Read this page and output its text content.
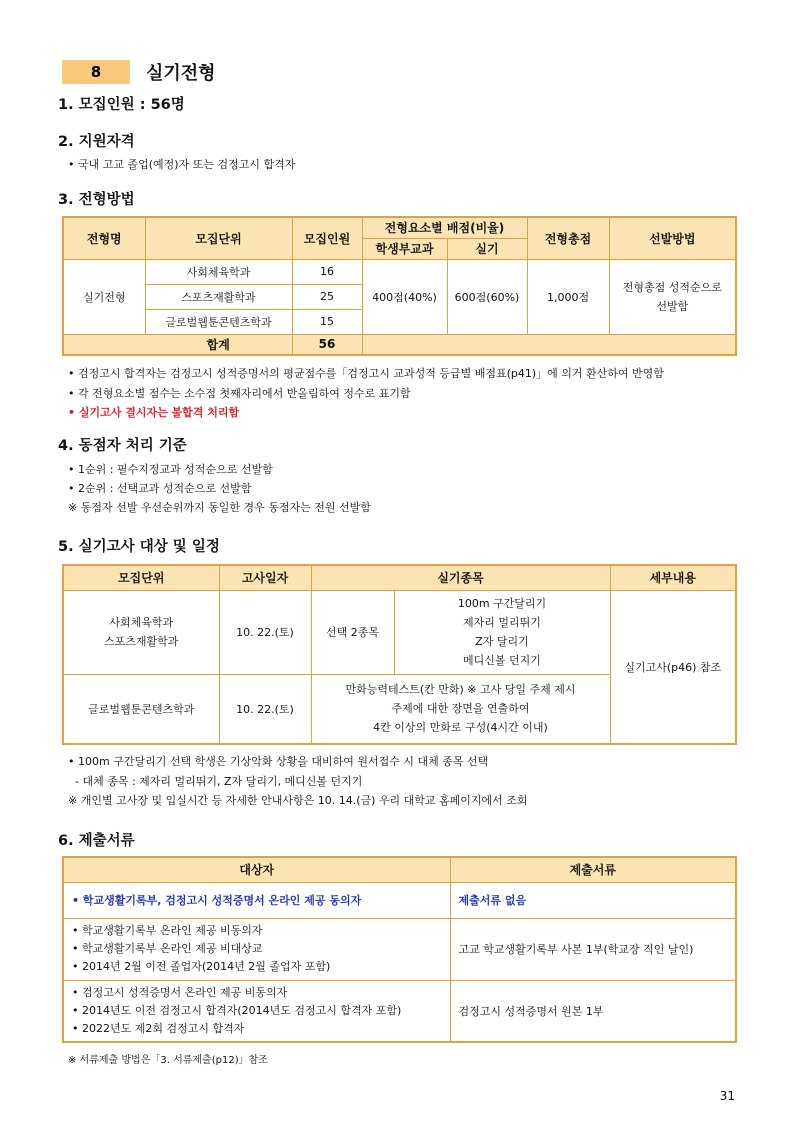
8	실기전형
1. 모집인원 : 56명
2. 지원자격
• 국내 고교 졸업(예정)자 또는 검정고시 합격자
3. 전형방법
전형명	모집단위	모집인원	전형요소별 배점(비율)		전형총점	선발방법
			학생부교과	실기		
실기전형	사회체육학과	16	400점(40%)	600점(60%)	1,000점	전형총점 성적순으로
선발함

	스포츠재활학과	25				
	글로벌웹툰콘텐츠학과	15				
	합계	56				
• 검정고시 합격자는 검정고시 성적증명서의 평균점수를「검정고시 교과성적 등급별 배점표(p41)」에 의거 환산하여 반영함
• 각 전형요소별 점수는 소수점 첫째자리에서 반올림하여 정수로 표기함
• 실기고사 결시자는 불합격 처리함
4. 동점자 처리 기준
• 1순위 : 필수지정교과 성적순으로 선발함
• 2순위 : 선택교과 성적순으로 선발함
※ 동점자 선발 우선순위까지 동일한 경우 동점자는 전원 선발함
5. 실기고사 대상 및 일정
모집단위	고사일자	실기종목		세부내용

사회체육학과
스포츠재활학과	10. 22.(토)	선택 2종목	100m 구간달리기
제자리 멀리뛰기
Z자 달리기
메디신볼 던지기	실기고사(p46) 참조
글로벌웹툰콘텐츠학과	10. 22.(토)	만화능력테스트(칸 만화) ※ 고사 당일 주제 제시
주제에 대한 장면을 연출하여
4칸 이상의 만화로 구성(4시간 이내)		
• 100m 구간달리기 선택 학생은 기상악화 상황을 대비하여 원서접수 시 대체 종목 선택
- 대체 종목 : 제자리 멀리뛰기, Z자 달리기, 메디신볼 던지기
※ 개인별 고사장 및 입실시간 등 자세한 안내사항은 10. 14.(금) 우리 대학교 홈페이지에서 조회
6. 제출서류
대상자	제출서류
• 학교생활기록부, 검정고시 성적증명서 온라인 제공 동의자	제출서류 없음

• 학교생활기록부 온라인 제공 비동의자
• 학교생활기록부 온라인 제공 비대상교
• 2014년 2월 이전 졸업자(2014년 2월 졸업자 포함)	고교 학교생활기록부 사본 1부(학교장 직인 날인)

• 검정고시 성적증명서 온라인 제공 비동의자
• 2014년도 이전 검정고시 합격자(2014년도 검정고시 합격자 포함)
• 2022년도 제2회 검정고시 합격자	검정고시 성적증명서 원본 1부
※ 서류제출 방법은「3. 서류제출(p12)」참조
31
